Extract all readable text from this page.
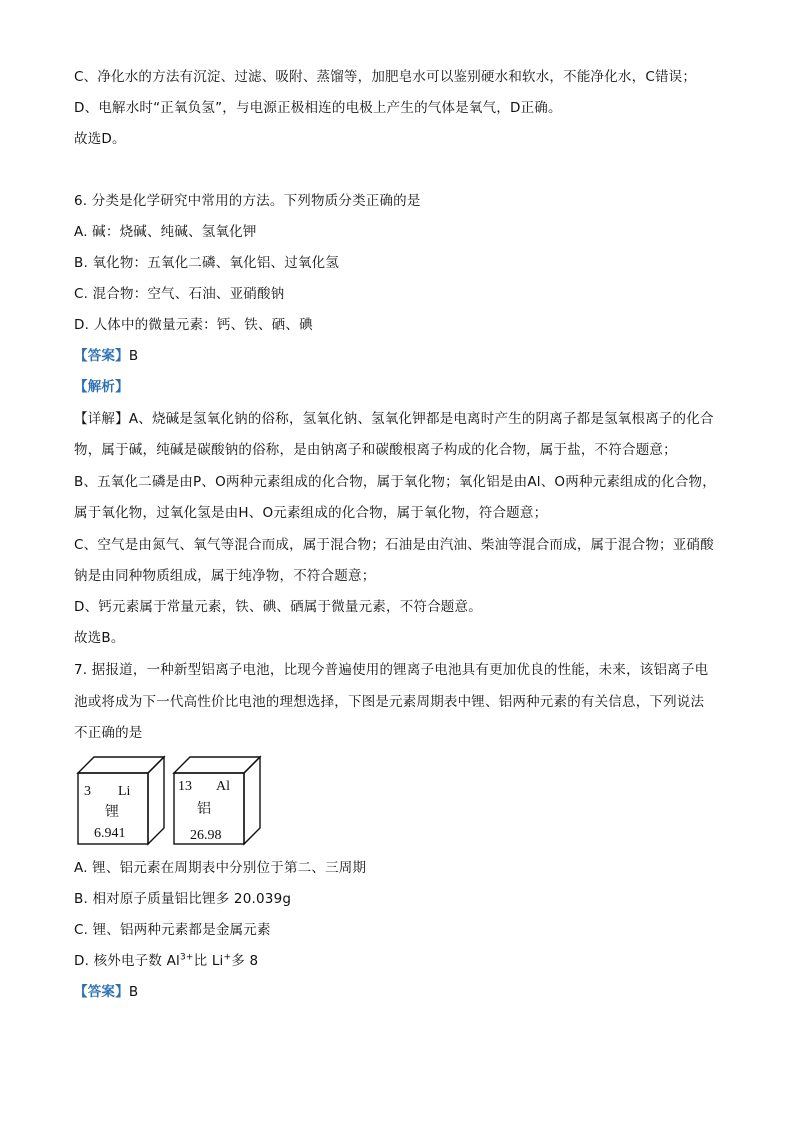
C、净化水的方法有沉淀、过滤、吸附、蒸馏等，加肥皂水可以鉴别硬水和软水，不能净化水，C错误；
D、电解水时“正氧负氢”，与电源正极相连的电极上产生的气体是氧气，D正确。
故选D。
6. 分类是化学研究中常用的方法。下列物质分类正确的是
A. 碱：烧碱、纯碱、氢氧化钾
B. 氧化物：五氧化二磷、氧化铝、过氧化氢
C. 混合物：空气、石油、亚硝酸钠
D. 人体中的微量元素：钙、铁、硒、碘
【答案】B
【解析】
【详解】A、烧碱是氢氧化钠的俗称，氢氧化钠、氢氧化钾都是电离时产生的阴离子都是氢氧根离子的化合
物，属于碱，纯碱是碳酸钠的俗称，是由钠离子和碳酸根离子构成的化合物，属于盐，不符合题意；
B、五氧化二磷是由P、O两种元素组成的化合物，属于氧化物；氧化铝是由Al、O两种元素组成的化合物，
属于氧化物，过氧化氢是由H、O元素组成的化合物，属于氧化物，符合题意；
C、空气是由氮气、氧气等混合而成，属于混合物；石油是由汽油、柴油等混合而成，属于混合物；亚硝酸
钠是由同种物质组成，属于纯净物，不符合题意；
D、钙元素属于常量元素，铁、碘、硒属于微量元素，不符合题意。
故选B。
7. 据报道，一种新型铝离子电池，比现今普遍使用的锂离子电池具有更加优良的性能，未来，该铝离子电
池或将成为下一代高性价比电池的理想选择，下图是元素周期表中锂、铝两种元素的有关信息，下列说法
不正确的是
3 Li
锂
6.941
13 Al
铝
26.98
A. 锂、铝元素在周期表中分别位于第二、三周期
B. 相对原子质量铝比锂多 20.039g
C. 锂、铝两种元素都是金属元素
D. 核外电子数 $Al^{3+}$比 Li+多 8
【答案】B
